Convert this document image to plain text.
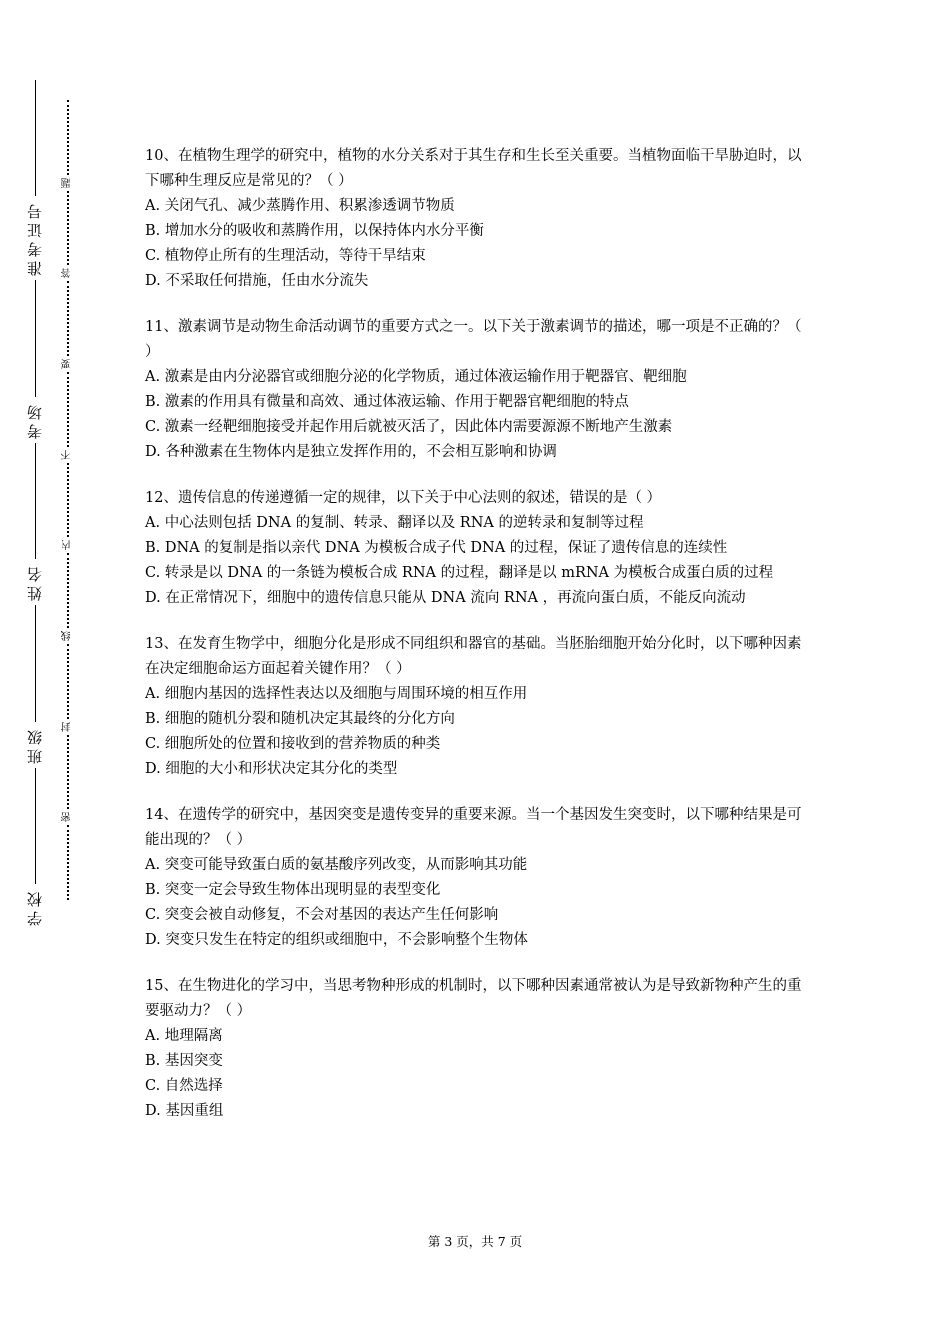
准考证号
考场
姓名
班级
学校
题
答
要
不
内
线
封
密

10、在植物生理学的研究中，植物的水分关系对于其生存和生长至关重要。当植物面临干旱胁迫时，以下哪种生理反应是常见的？（ ）

A. 关闭气孔、减少蒸腾作用、积累渗透调节物质

B. 增加水分的吸收和蒸腾作用，以保持体内水分平衡

C. 植物停止所有的生理活动，等待干旱结束

D. 不采取任何措施，任由水分流失

11、激素调节是动物生命活动调节的重要方式之一。以下关于激素调节的描述，哪一项是不正确的？（ ）

A. 激素是由内分泌器官或细胞分泌的化学物质，通过体液运输作用于靶器官、靶细胞

B. 激素的作用具有微量和高效、通过体液运输、作用于靶器官靶细胞的特点

C. 激素一经靶细胞接受并起作用后就被灭活了，因此体内需要源源不断地产生激素

D. 各种激素在生物体内是独立发挥作用的，不会相互影响和协调

12、遗传信息的传递遵循一定的规律，以下关于中心法则的叙述，错误的是（ ）

A. 中心法则包括 DNA 的复制、转录、翻译以及 RNA 的逆转录和复制等过程

B. DNA 的复制是指以亲代 DNA 为模板合成子代 DNA 的过程，保证了遗传信息的连续性

C. 转录是以 DNA 的一条链为模板合成 RNA 的过程，翻译是以 mRNA 为模板合成蛋白质的过程

D. 在正常情况下，细胞中的遗传信息只能从 DNA 流向 RNA ，再流向蛋白质，不能反向流动

13、在发育生物学中，细胞分化是形成不同组织和器官的基础。当胚胎细胞开始分化时，以下哪种因素在决定细胞命运方面起着关键作用？（ ）

A. 细胞内基因的选择性表达以及细胞与周围环境的相互作用

B. 细胞的随机分裂和随机决定其最终的分化方向

C. 细胞所处的位置和接收到的营养物质的种类

D. 细胞的大小和形状决定其分化的类型

14、在遗传学的研究中，基因突变是遗传变异的重要来源。当一个基因发生突变时，以下哪种结果是可能出现的？（ ）

A. 突变可能导致蛋白质的氨基酸序列改变，从而影响其功能

B. 突变一定会导致生物体出现明显的表型变化

C. 突变会被自动修复，不会对基因的表达产生任何影响

D. 突变只发生在特定的组织或细胞中，不会影响整个生物体

15、在生物进化的学习中，当思考物种形成的机制时，以下哪种因素通常被认为是导致新物种产生的重要驱动力？（ ）

A. 地理隔离

B. 基因突变

C. 自然选择

D. 基因重组

第 3 页，共 7 页
